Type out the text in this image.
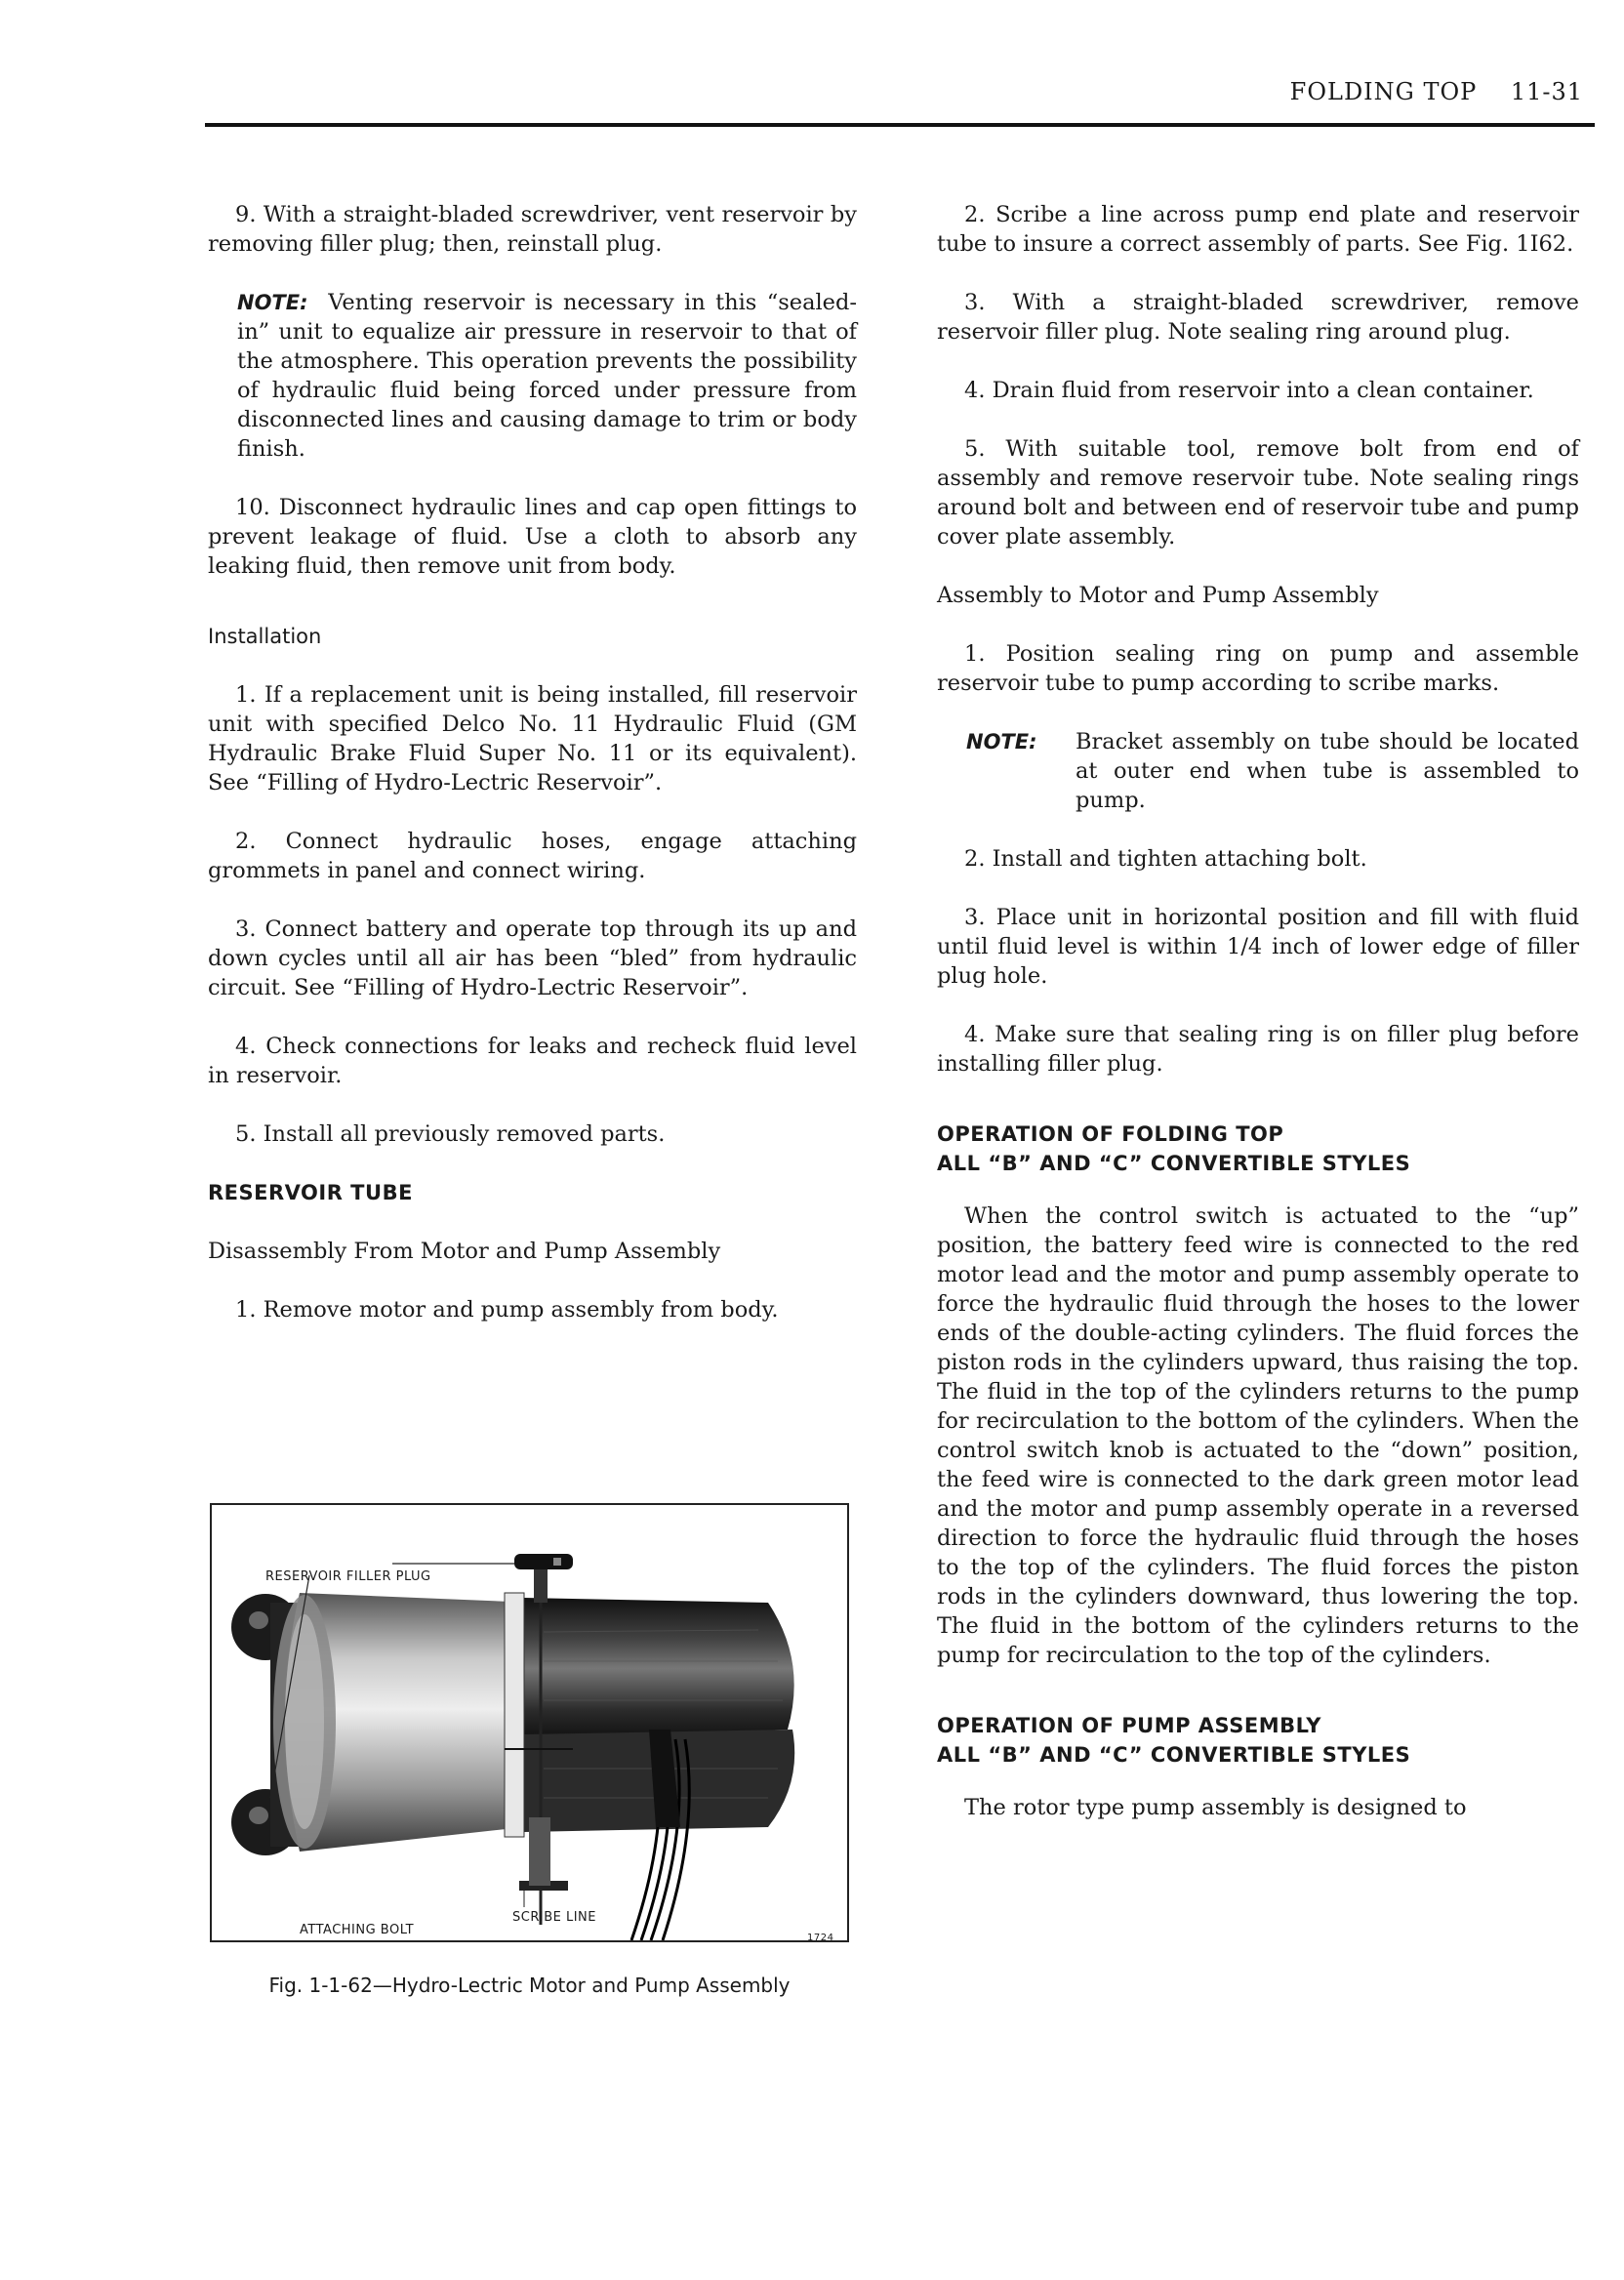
FOLDING TOP 11-31

9. With a straight-bladed screwdriver, vent reservoir by removing filler plug; then, reinstall plug.

NOTE: Venting reservoir is necessary in this “sealed-in” unit to equalize air pressure in reservoir to that of the atmosphere. This operation prevents the possibility of hydraulic fluid being forced under pressure from disconnected lines and causing damage to trim or body finish.

10. Disconnect hydraulic lines and cap open fittings to prevent leakage of fluid. Use a cloth to absorb any leaking fluid, then remove unit from body.

Installation

1. If a replacement unit is being installed, fill reservoir unit with specified Delco No. 11 Hydraulic Fluid (GM Hydraulic Brake Fluid Super No. 11 or its equivalent). See “Filling of Hydro-Lectric Reservoir”.

2. Connect hydraulic hoses, engage attaching grommets in panel and connect wiring.

3. Connect battery and operate top through its up and down cycles until all air has been “bled” from hydraulic circuit. See “Filling of Hydro-Lectric Reservoir”.

4. Check connections for leaks and recheck fluid level in reservoir.

5. Install all previously removed parts.

RESERVOIR TUBE

Disassembly From Motor and Pump Assembly

1. Remove motor and pump assembly from body.

RESERVOIR FILLER PLUG
SCRIBE LINE
ATTACHING BOLT
1724
Fig. 1-1-62—Hydro-Lectric Motor and Pump Assembly

2. Scribe a line across pump end plate and reservoir tube to insure a correct assembly of parts. See Fig. 1I62.

3. With a straight-bladed screwdriver, remove reservoir filler plug. Note sealing ring around plug.

4. Drain fluid from reservoir into a clean container.

5. With suitable tool, remove bolt from end of assembly and remove reservoir tube. Note sealing rings around bolt and between end of reservoir tube and pump cover plate assembly.

Assembly to Motor and Pump Assembly

1. Position sealing ring on pump and assemble reservoir tube to pump according to scribe marks.

NOTE:	Bracket assembly on tube should be located at outer end when tube is assembled to pump.

2. Install and tighten attaching bolt.

3. Place unit in horizontal position and fill with fluid until fluid level is within 1/4 inch of lower edge of filler plug hole.

4. Make sure that sealing ring is on filler plug before installing filler plug.

OPERATION OF FOLDING TOP
ALL “B” AND “C” CONVERTIBLE STYLES

When the control switch is actuated to the “up” position, the battery feed wire is connected to the red motor lead and the motor and pump assembly operate to force the hydraulic fluid through the hoses to the lower ends of the double-acting cylinders. The fluid forces the piston rods in the cylinders upward, thus raising the top. The fluid in the top of the cylinders returns to the pump for recirculation to the bottom of the cylinders. When the control switch knob is actuated to the “down” position, the feed wire is connected to the dark green motor lead and the motor and pump assembly operate in a reversed direction to force the hydraulic fluid through the hoses to the top of the cylinders. The fluid forces the piston rods in the cylinders downward, thus lowering the top. The fluid in the bottom of the cylinders returns to the pump for recirculation to the top of the cylinders.

OPERATION OF PUMP ASSEMBLY
ALL “B” AND “C” CONVERTIBLE STYLES

The rotor type pump assembly is designed to
